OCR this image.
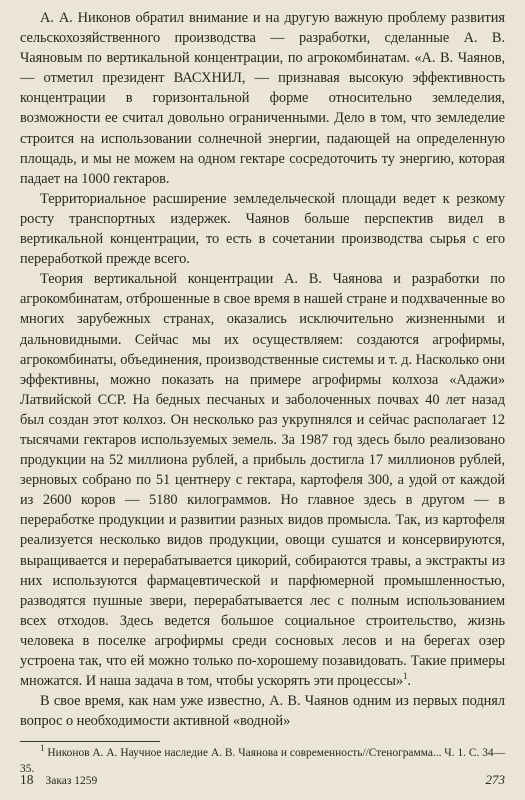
А. А. Никонов обратил внимание и на другую важную проблему развития сельскохозяйственного производства — разработки, сделанные А. В. Чаяновым по вертикальной концентрации, по агрокомбинатам. «А. В. Чаянов, — отметил президент ВАСХНИЛ, — признавая высокую эффективность концентрации в горизонтальной форме относительно земледелия, возможности ее считал довольно ограниченными. Дело в том, что земледелие строится на использовании солнечной энергии, падающей на определенную площадь, и мы не можем на одном гектаре сосредоточить ту энергию, которая падает на 1000 гектаров.

Территориальное расширение земледельческой площади ведет к резкому росту транспортных издержек. Чаянов больше перспектив видел в вертикальной концентрации, то есть в сочетании производства сырья с его переработкой прежде всего.

Теория вертикальной концентрации А. В. Чаянова и разработки по агрокомбинатам, отброшенные в свое время в нашей стране и подхваченные во многих зарубежных странах, оказались исключительно жизненными и дальновидными. Сейчас мы их осуществляем: создаются агрофирмы, агрокомбинаты, объединения, производственные системы и т. д. Насколько они эффективны, можно показать на примере агрофирмы колхоза «Адажи» Латвийской ССР. На бедных песчаных и заболоченных почвах 40 лет назад был создан этот колхоз. Он несколько раз укрупнялся и сейчас располагает 12 тысячами гектаров используемых земель. За 1987 год здесь было реализовано продукции на 52 миллиона рублей, а прибыль достигла 17 миллионов рублей, зерновых собрано по 51 центнеру с гектара, картофеля 300, а удой от каждой из 2600 коров — 5180 килограммов. Но главное здесь в другом — в переработке продукции и развитии разных видов промысла. Так, из картофеля реализуется несколько видов продукции, овощи сушатся и консервируются, выращивается и перерабатывается цикорий, собираются травы, а экстракты из них используются фармацевтической и парфюмерной промышленностью, разводятся пушные звери, перерабатывается лес с полным использованием всех отходов. Здесь ведется большое социальное строительство, жизнь человека в поселке агрофирмы среди сосновых лесов и на берегах озер устроена так, что ей можно только по-хорошему позавидовать. Такие примеры множатся. И наша задача в том, чтобы ускорять эти процессы»$^1$.

В свое время, как нам уже известно, А. В. Чаянов одним из первых поднял вопрос о необходимости активной «водной»

$^1$ Никонов А. А. Научное наследие А. В. Чаянова и современность//Стенограмма... Ч. 1. С. 34—35.

18 Заказ 1259	273
